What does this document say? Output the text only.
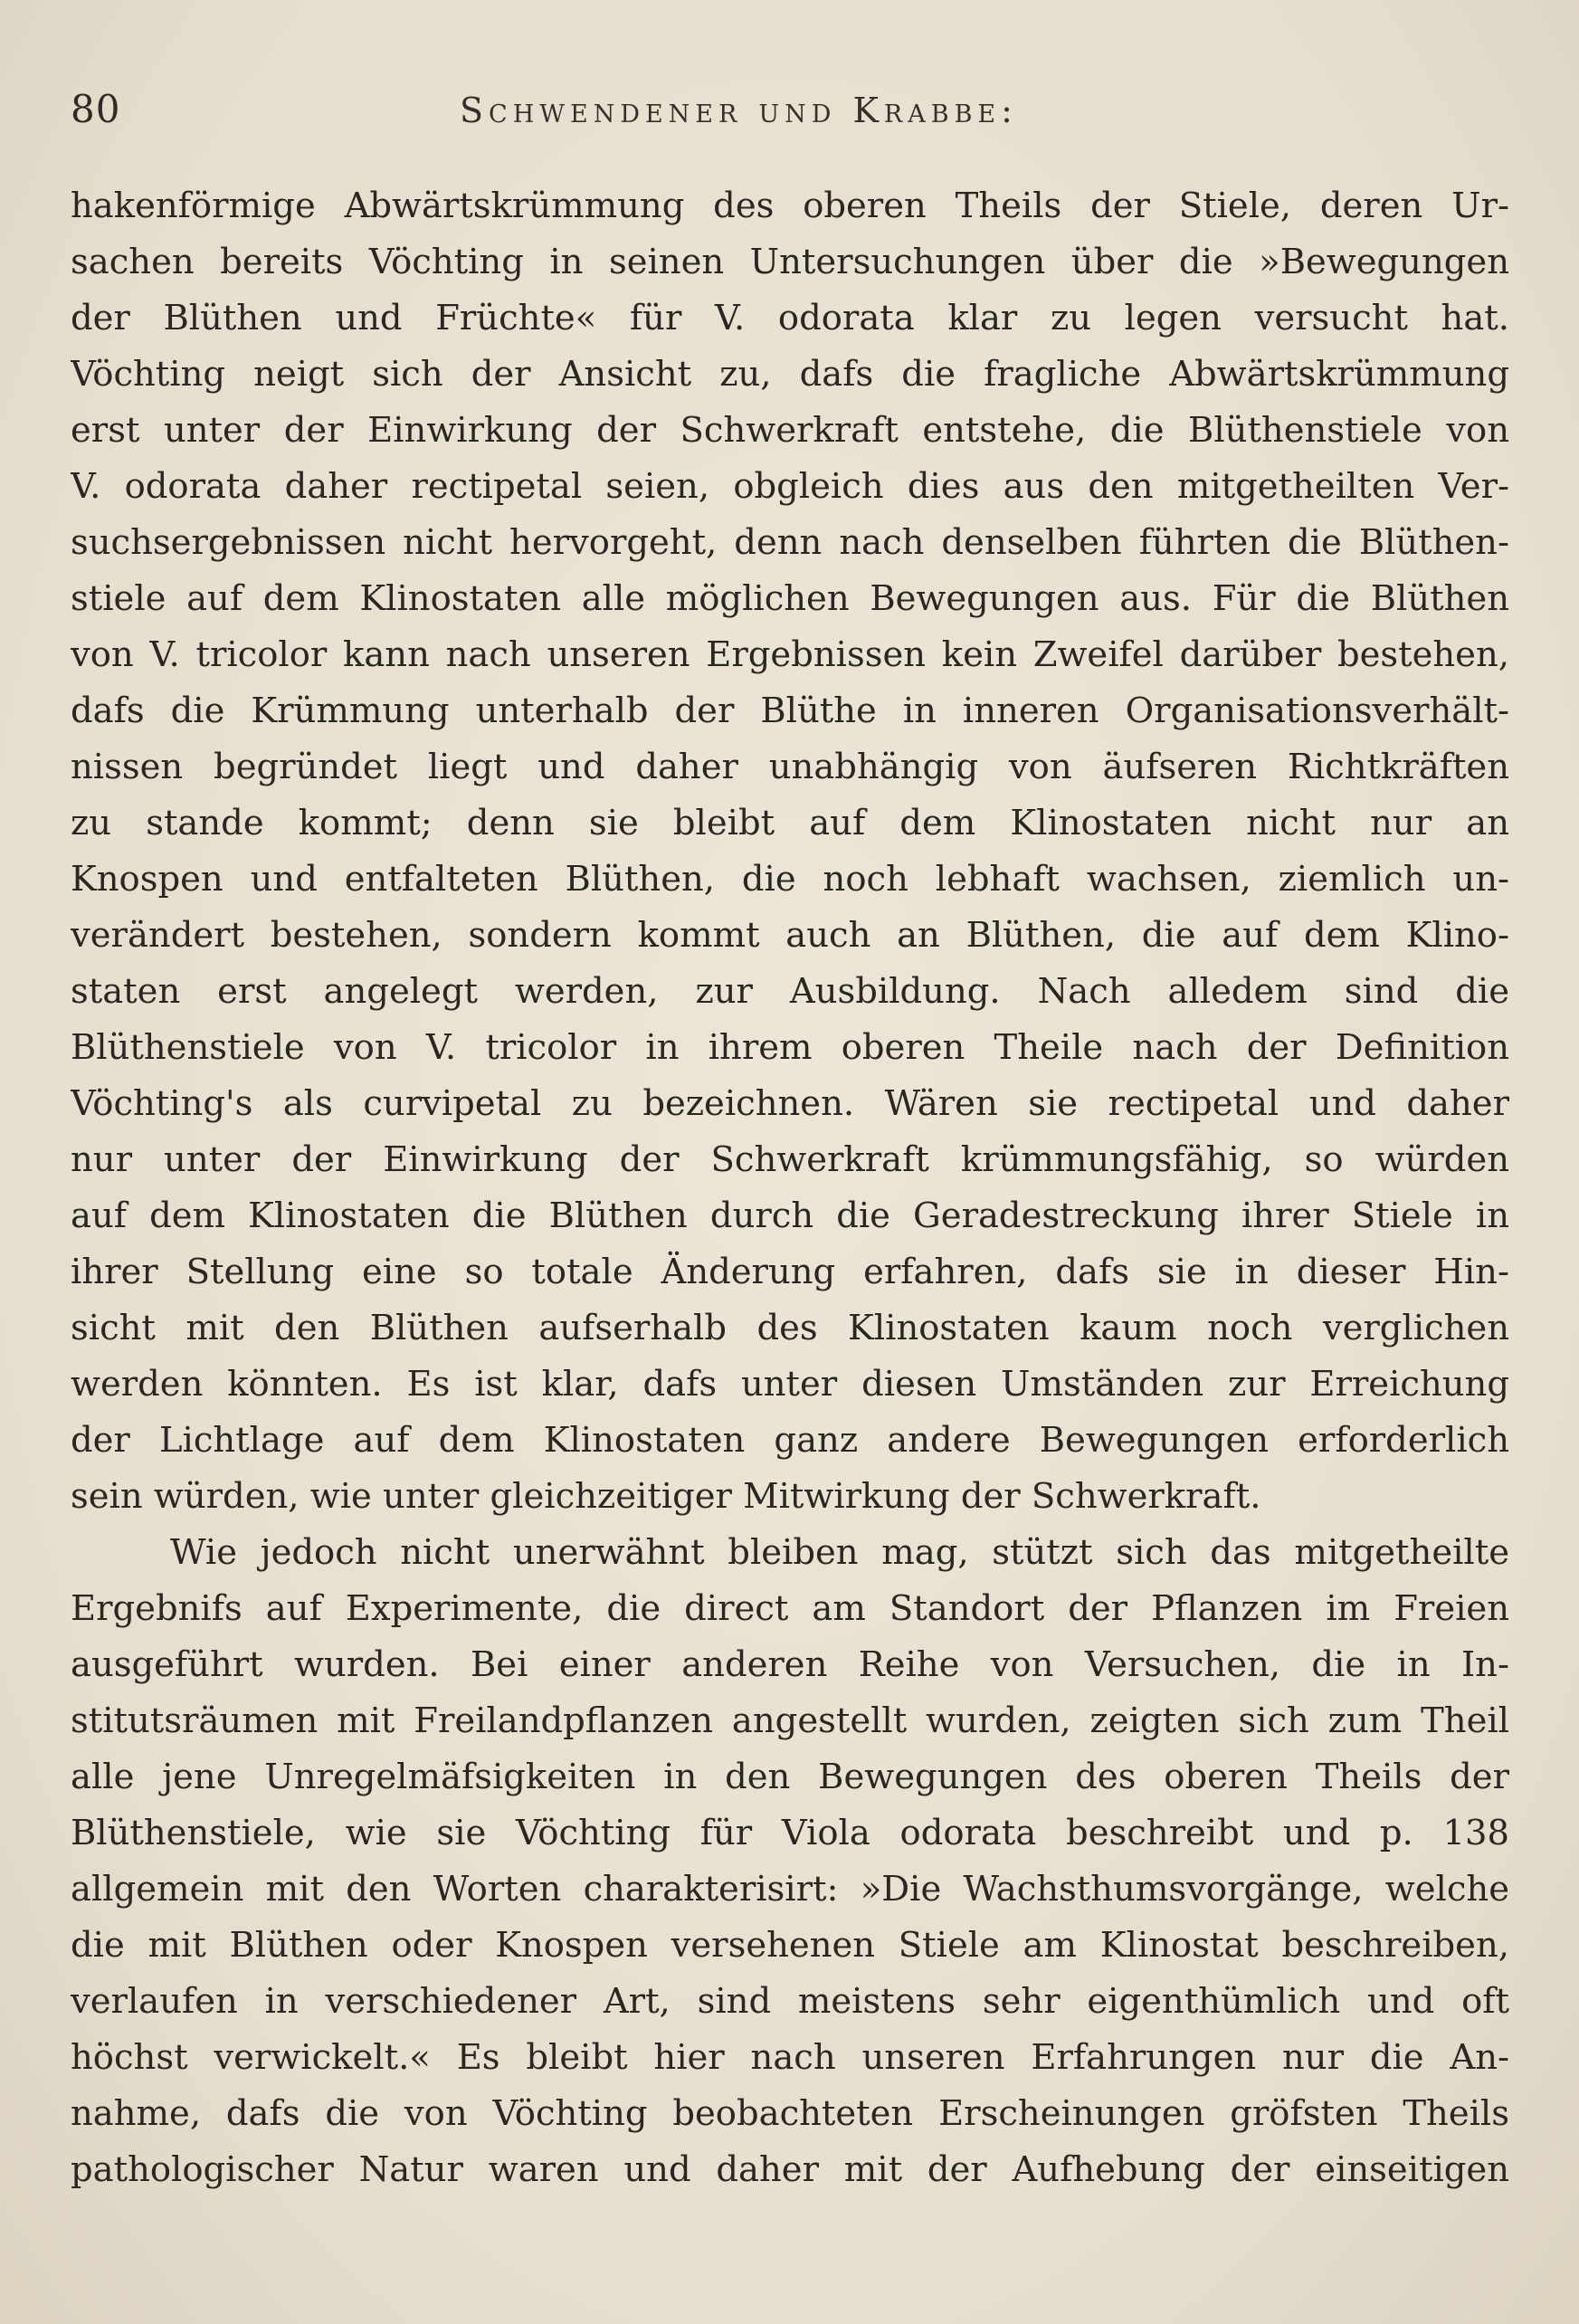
80	Schwendener und Krabbe:
hakenförmige Abwärtskrümmung des oberen Theils der Stiele, deren Ur-
sachen bereits Vöchting in seinen Untersuchungen über die »Bewegungen
der Blüthen und Früchte« für V. odorata klar zu legen versucht hat.
Vöchting neigt sich der Ansicht zu, dafs die fragliche Abwärtskrümmung
erst unter der Einwirkung der Schwerkraft entstehe, die Blüthenstiele von
V. odorata daher rectipetal seien, obgleich dies aus den mitgetheilten Ver-
suchsergebnissen nicht hervorgeht, denn nach denselben führten die Blüthen-
stiele auf dem Klinostaten alle möglichen Bewegungen aus. Für die Blüthen
von V. tricolor kann nach unseren Ergebnissen kein Zweifel darüber bestehen,
dafs die Krümmung unterhalb der Blüthe in inneren Organisationsverhält-
nissen begründet liegt und daher unabhängig von äufseren Richtkräften
zu stande kommt; denn sie bleibt auf dem Klinostaten nicht nur an
Knospen und entfalteten Blüthen, die noch lebhaft wachsen, ziemlich un-
verändert bestehen, sondern kommt auch an Blüthen, die auf dem Klino-
staten erst angelegt werden, zur Ausbildung. Nach alledem sind die
Blüthenstiele von V. tricolor in ihrem oberen Theile nach der Definition
Vöchting's als curvipetal zu bezeichnen. Wären sie rectipetal und daher
nur unter der Einwirkung der Schwerkraft krümmungsfähig, so würden
auf dem Klinostaten die Blüthen durch die Geradestreckung ihrer Stiele in
ihrer Stellung eine so totale Änderung erfahren, dafs sie in dieser Hin-
sicht mit den Blüthen aufserhalb des Klinostaten kaum noch verglichen
werden könnten. Es ist klar, dafs unter diesen Umständen zur Erreichung
der Lichtlage auf dem Klinostaten ganz andere Bewegungen erforderlich
sein würden, wie unter gleichzeitiger Mitwirkung der Schwerkraft.
Wie jedoch nicht unerwähnt bleiben mag, stützt sich das mitgetheilte
Ergebnifs auf Experimente, die direct am Standort der Pflanzen im Freien
ausgeführt wurden. Bei einer anderen Reihe von Versuchen, die in In-
stitutsräumen mit Freilandpflanzen angestellt wurden, zeigten sich zum Theil
alle jene Unregelmäfsigkeiten in den Bewegungen des oberen Theils der
Blüthenstiele, wie sie Vöchting für Viola odorata beschreibt und p. 138
allgemein mit den Worten charakterisirt: »Die Wachsthumsvorgänge, welche
die mit Blüthen oder Knospen versehenen Stiele am Klinostat beschreiben,
verlaufen in verschiedener Art, sind meistens sehr eigenthümlich und oft
höchst verwickelt.« Es bleibt hier nach unseren Erfahrungen nur die An-
nahme, dafs die von Vöchting beobachteten Erscheinungen gröfsten Theils
pathologischer Natur waren und daher mit der Aufhebung der einseitigen
